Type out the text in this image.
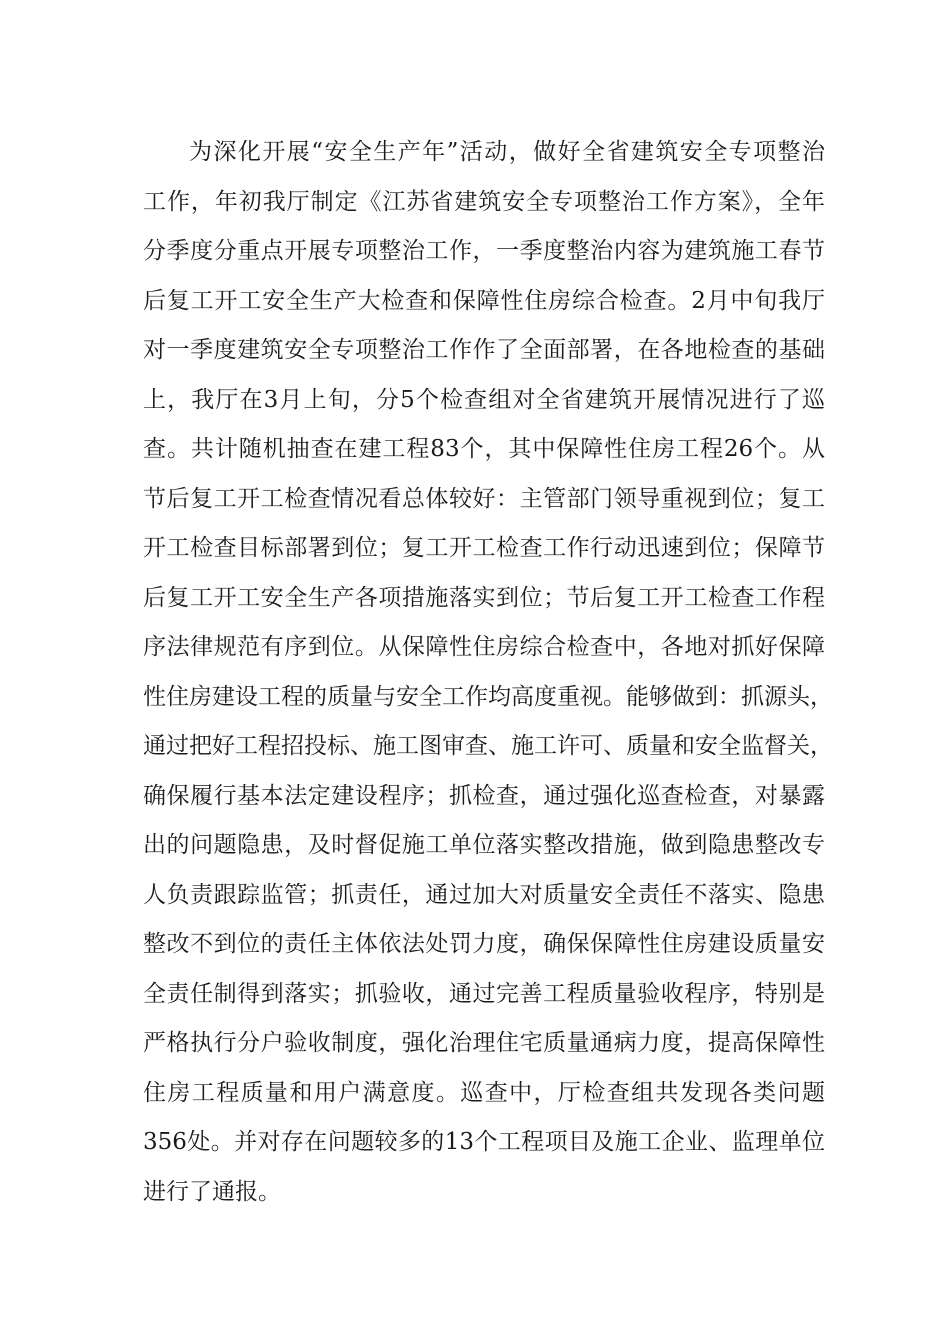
为深化开展“安全生产年”活动，做好全省建筑安全专项整治
工作，年初我厅制定《江苏省建筑安全专项整治工作方案》，全年
分季度分重点开展专项整治工作，一季度整治内容为建筑施工春节
后复工开工安全生产大检查和保障性住房综合检查。2月中旬我厅
对一季度建筑安全专项整治工作作了全面部署，在各地检查的基础
上，我厅在3月上旬，分5个检查组对全省建筑开展情况进行了巡
查。共计随机抽查在建工程83个，其中保障性住房工程26个。从
节后复工开工检查情况看总体较好：主管部门领导重视到位；复工
开工检查目标部署到位；复工开工检查工作行动迅速到位；保障节
后复工开工安全生产各项措施落实到位；节后复工开工检查工作程
序法律规范有序到位。从保障性住房综合检查中，各地对抓好保障
性住房建设工程的质量与安全工作均高度重视。能够做到：抓源头，
通过把好工程招投标、施工图审查、施工许可、质量和安全监督关，
确保履行基本法定建设程序；抓检查，通过强化巡查检查，对暴露
出的问题隐患，及时督促施工单位落实整改措施，做到隐患整改专
人负责跟踪监管；抓责任，通过加大对质量安全责任不落实、隐患
整改不到位的责任主体依法处罚力度，确保保障性住房建设质量安
全责任制得到落实；抓验收，通过完善工程质量验收程序，特别是
严格执行分户验收制度，强化治理住宅质量通病力度，提高保障性
住房工程质量和用户满意度。巡查中，厅检查组共发现各类问题
356处。并对存在问题较多的13个工程项目及施工企业、监理单位
进行了通报。
